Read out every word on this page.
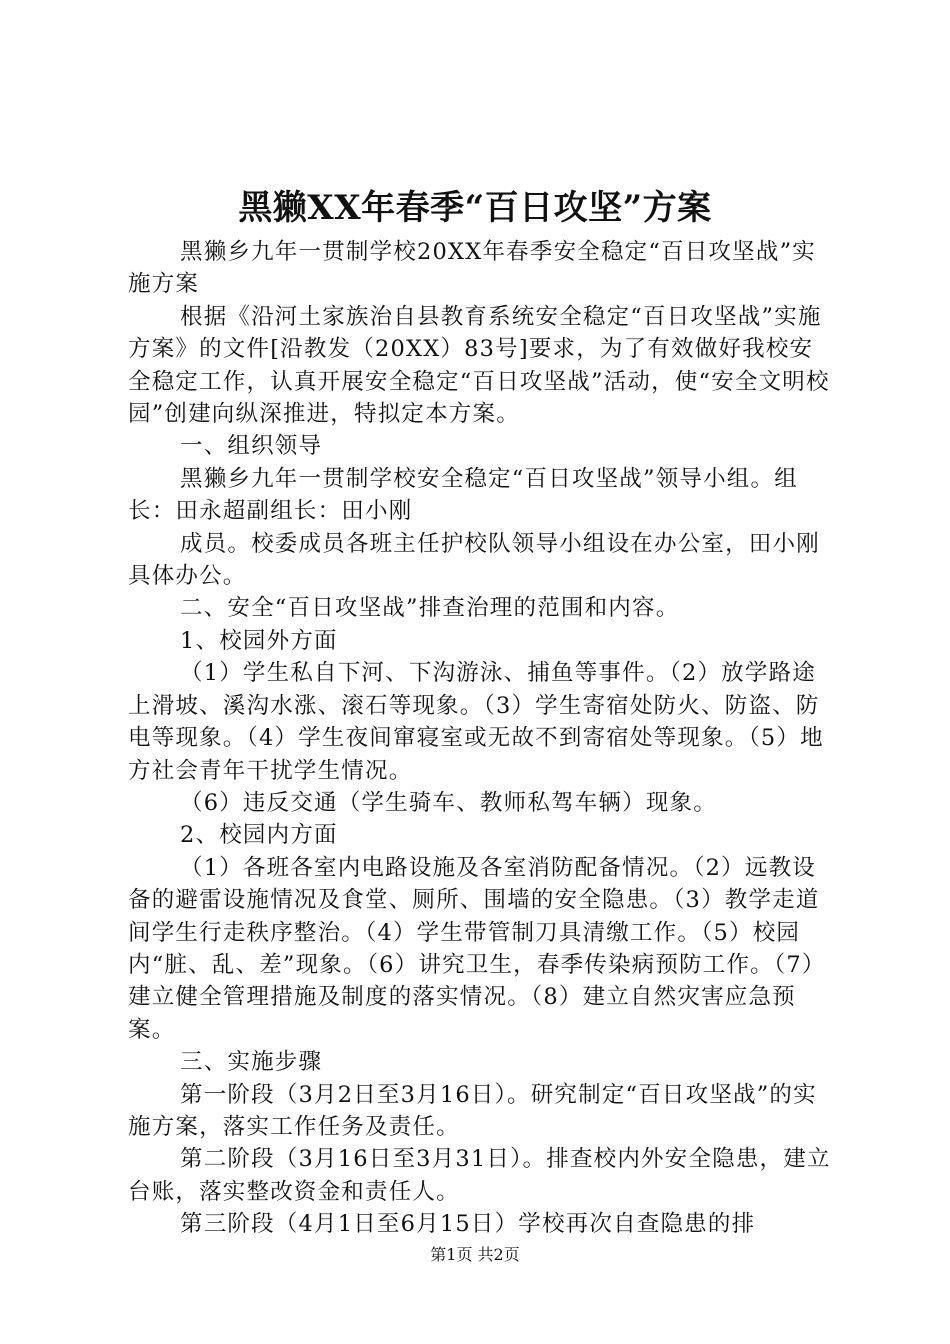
黑獭XX年春季“百日攻坚”方案

黑獭乡九年一贯制学校20XX年春季安全稳定“百日攻坚战”实施方案

根据《沿河土家族治自县教育系统安全稳定“百日攻坚战”实施方案》的文件[沿教发（20XX）83号]要求，为了有效做好我校安全稳定工作，认真开展安全稳定“百日攻坚战”活动，使“安全文明校园”创建向纵深推进，特拟定本方案。

一、组织领导

黑獭乡九年一贯制学校安全稳定“百日攻坚战”领导小组。组长：田永超副组长：田小刚

成员。校委成员各班主任护校队领导小组设在办公室，田小刚具体办公。

二、安全“百日攻坚战”排查治理的范围和内容。

1、校园外方面

（1）学生私自下河、下沟游泳、捕鱼等事件。（2）放学路途上滑坡、溪沟水涨、滚石等现象。（3）学生寄宿处防火、防盗、防电等现象。（4）学生夜间窜寝室或无故不到寄宿处等现象。（5）地方社会青年干扰学生情况。

（6）违反交通（学生骑车、教师私驾车辆）现象。

2、校园内方面

（1）各班各室内电路设施及各室消防配备情况。（2）远教设备的避雷设施情况及食堂、厕所、围墙的安全隐患。（3）教学走道间学生行走秩序整治。（4）学生带管制刀具清缴工作。（5）校园内“脏、乱、差”现象。（6）讲究卫生，春季传染病预防工作。（7）建立健全管理措施及制度的落实情况。（8）建立自然灾害应急预案。

三、实施步骤

第一阶段（3月2日至3月16日）。研究制定“百日攻坚战”的实施方案，落实工作任务及责任。

第二阶段（3月16日至3月31日）。排查校内外安全隐患，建立台账，落实整改资金和责任人。

第三阶段（4月1日至6月15日）学校再次自查隐患的排

第1页 共2页
